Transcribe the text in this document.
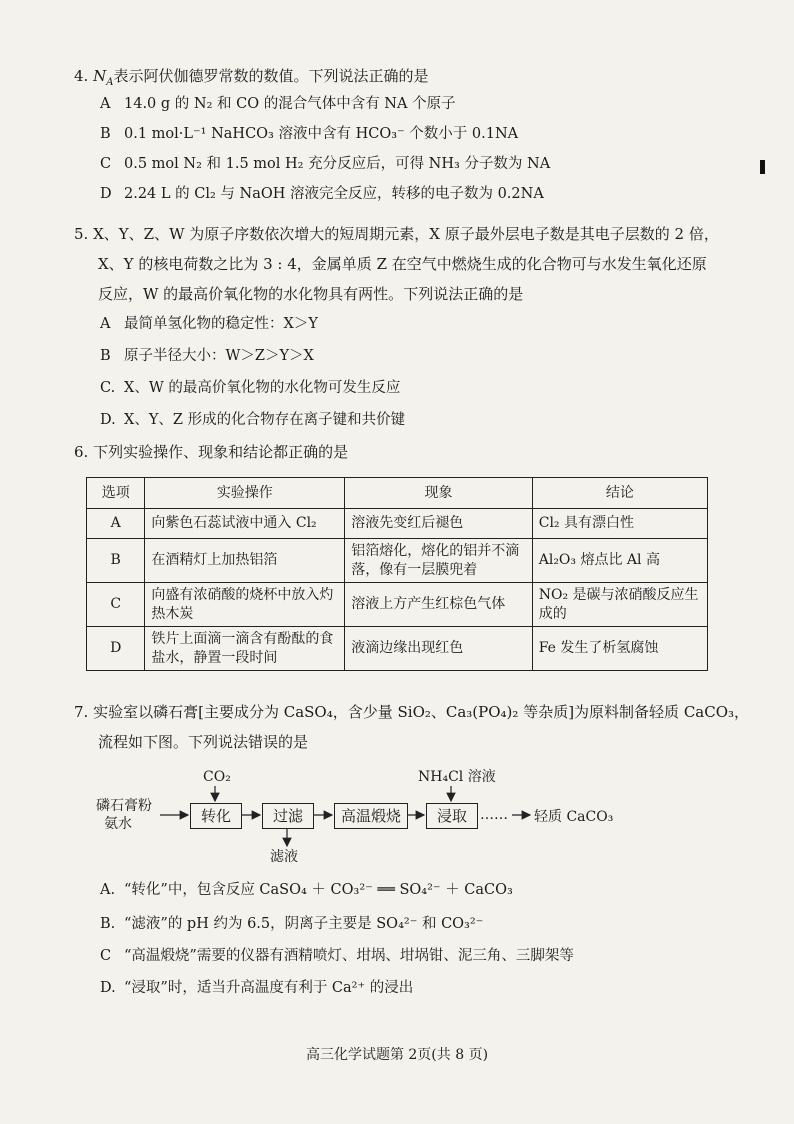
4. $N_A$表示阿伏伽德罗常数的数值。下列说法正确的是
A 14.0 g 的 N₂ 和 CO 的混合气体中含有 NA 个原子
B 0.1 mol·L⁻¹ NaHCO₃ 溶液中含有 HCO₃⁻ 个数小于 0.1NA
C 0.5 mol N₂ 和 1.5 mol H₂ 充分反应后，可得 NH₃ 分子数为 NA
D 2.24 L 的 Cl₂ 与 NaOH 溶液完全反应，转移的电子数为 0.2NA
5. X、Y、Z、W 为原子序数依次增大的短周期元素，X 原子最外层电子数是其电子层数的 2 倍，
X、Y 的核电荷数之比为 3 : 4，金属单质 Z 在空气中燃烧生成的化合物可与水发生氧化还原
反应，W 的最高价氧化物的水化物具有两性。下列说法正确的是
A 最简单氢化物的稳定性：X＞Y
B 原子半径大小：W＞Z＞Y＞X
C. X、W 的最高价氧化物的水化物可发生反应
D. X、Y、Z 形成的化合物存在离子键和共价键
6. 下列实验操作、现象和结论都正确的是
选项	实验操作	现象	结论
A	向紫色石蕊试液中通入 Cl₂	溶液先变红后褪色	Cl₂ 具有漂白性
B	在酒精灯上加热铝箔	铝箔熔化，熔化的铝并不滴落，像有一层膜兜着	Al₂O₃ 熔点比 Al 高
C	向盛有浓硝酸的烧杯中放入灼热木炭	溶液上方产生红棕色气体	NO₂ 是碳与浓硝酸反应生成的
D	铁片上面滴一滴含有酚酞的食盐水，静置一段时间	液滴边缘出现红色	Fe 发生了析氢腐蚀
7. 实验室以磷石膏[主要成分为 CaSO₄，含少量 SiO₂、Ca₃(PO₄)₂ 等杂质]为原料制备轻质 CaCO₃，
流程如下图。下列说法错误的是
磷石膏粉
氨水
CO₂	NH₄Cl 溶液
转化	过滤	高温煅烧	浸取
滤液
…… 轻质 CaCO₃
A. “转化”中，包含反应 CaSO₄ ＋ CO₃²⁻ ══ SO₄²⁻ ＋ CaCO₃
B. “滤液”的 pH 约为 6.5，阴离子主要是 SO₄²⁻ 和 CO₃²⁻
C “高温煅烧”需要的仪器有酒精喷灯、坩埚、坩埚钳、泥三角、三脚架等
D. “浸取”时，适当升高温度有利于 Ca²⁺ 的浸出
高三化学试题第 2页(共 8 页)
